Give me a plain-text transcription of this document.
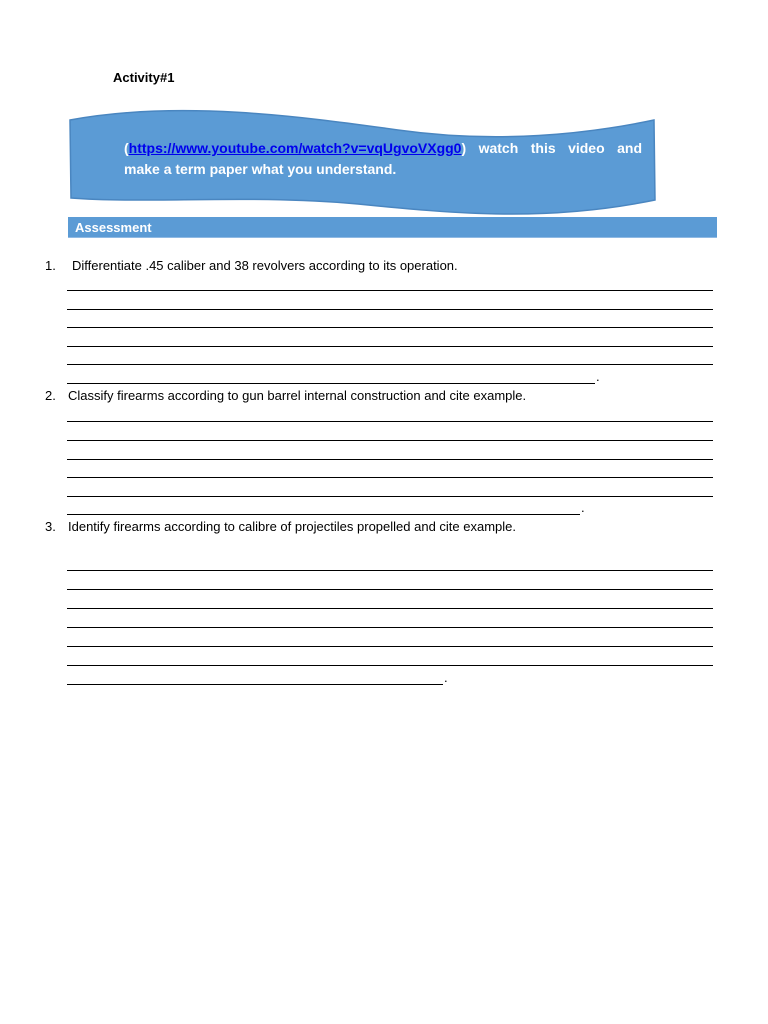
Activity#1
(https://www.youtube.com/watch?v=vqUgvoVXgg0) watch this video and make a term paper what you understand.
Assessment
1. Differentiate .45 caliber and 38 revolvers according to its operation.
.
2. Classify firearms according to gun barrel internal construction and cite example.
.
3. Identify firearms according to calibre of projectiles propelled and cite example.
.
